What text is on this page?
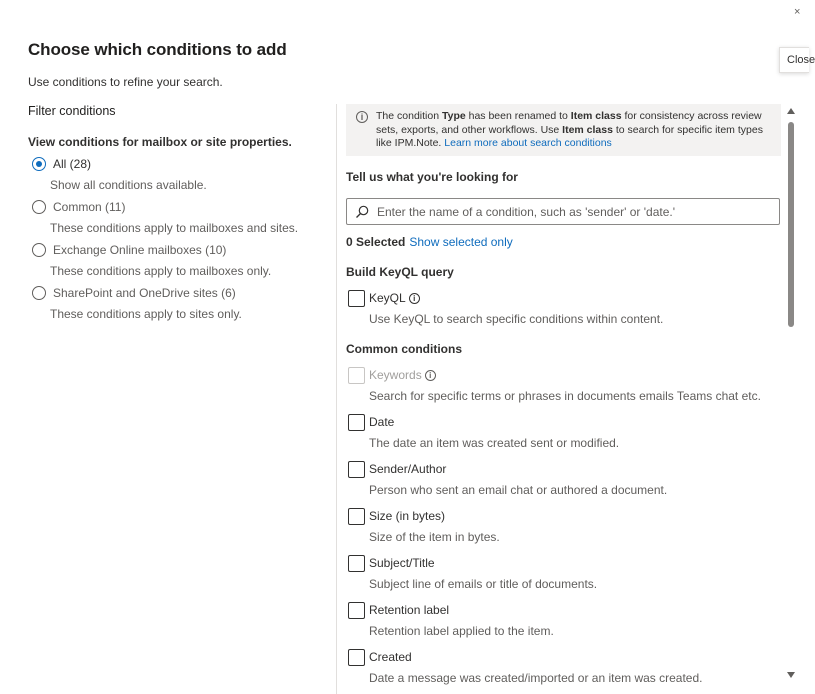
×
Close
Choose which conditions to add
Use conditions to refine your search.
Filter conditions
View conditions for mailbox or site properties.
All (28)
Show all conditions available.
Common (11)
These conditions apply to mailboxes and sites.
Exchange Online mailboxes (10)
These conditions apply to mailboxes only.
SharePoint and OneDrive sites (6)
These conditions apply to sites only.
i	The condition Type has been renamed to Item class for consistency across review sets, exports, and other workflows. Use Item class to search for specific item types like IPM.Note. Learn more about search conditions
Tell us what you're looking for
Enter the name of a condition, such as 'sender' or 'date.'
0 Selected Show selected only
Build KeyQL query
KeyQL i
Use KeyQL to search specific conditions within content.
Common conditions
Keywords i
Search for specific terms or phrases in documents emails Teams chat etc.
Date
The date an item was created sent or modified.
Sender/Author
Person who sent an email chat or authored a document.
Size (in bytes)
Size of the item in bytes.
Subject/Title
Subject line of emails or title of documents.
Retention label
Retention label applied to the item.
Created
Date a message was created/imported or an item was created.
